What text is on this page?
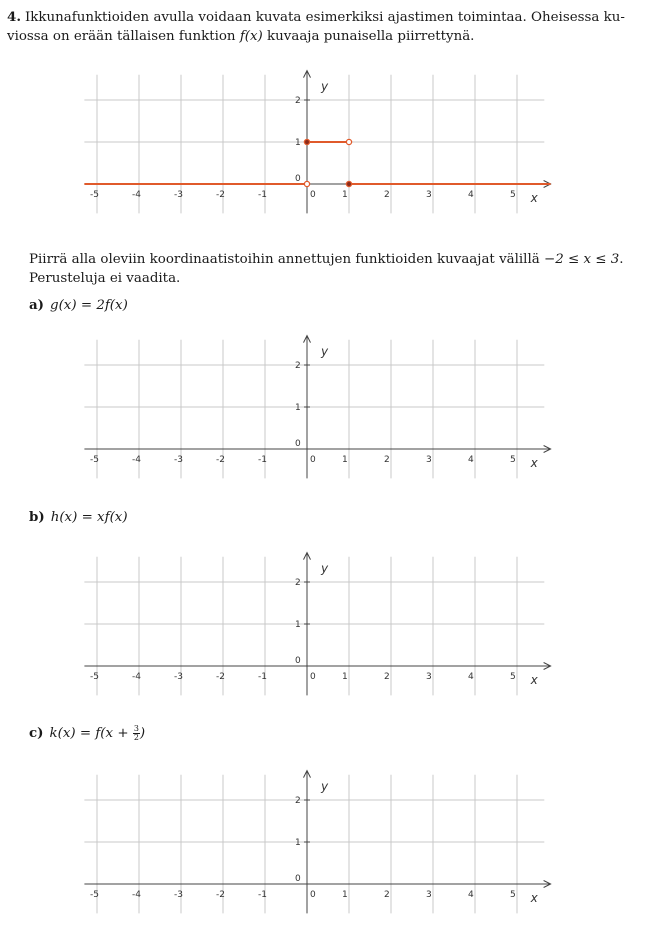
4. Ikkunafunktioiden avulla voidaan kuvata esimerkiksi ajastimen toimintaa. Oheisessa ku- viossa on erään tällaisen funktion f(x) kuvaaja punaisella piirrettynä.

x
y
-5	-4	-3	-2	-1	0	1	2	3	4	5
0
1
2

Piirrä alla oleviin koordinaatistoihin annettujen funktioiden kuvaajat välillä −2 ≤ x ≤ 3. Perusteluja ei vaadita.

a) g(x) = 2f(x)

x
y
-5	-4	-3	-2	-1	0	1	2	3	4	5
0
1
2

b) h(x) = xf(x)

x
y
-5	-4	-3	-2	-1	0	1	2	3	4	5
0
1
2

c) $k(x) = f(x + \frac{3}{2}$ )

x
y
-5	-4	-3	-2	-1	0	1	2	3	4	5
0
1
2
